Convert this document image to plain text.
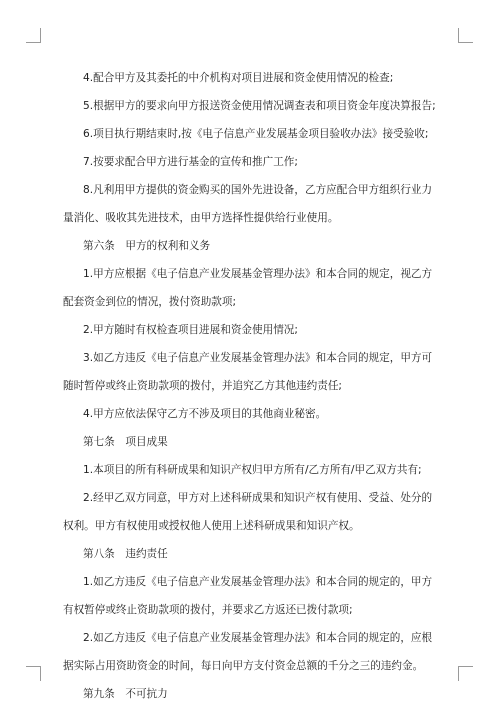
4.配合甲方及其委托的中介机构对项目进展和资金使用情况的检查;

5.根据甲方的要求向甲方报送资金使用情况调查表和项目资金年度决算报告;

6.项目执行期结束时,按《电子信息产业发展基金项目验收办法》接受验收;

7.按要求配合甲方进行基金的宣传和推广工作;

8.凡利用甲方提供的资金购买的国外先进设备，乙方应配合甲方组织行业力量消化、吸收其先进技术，由甲方选择性提供给行业使用。

第六条　甲方的权利和义务

1.甲方应根据《电子信息产业发展基金管理办法》和本合同的规定，视乙方配套资金到位的情况，拨付资助款项;

2.甲方随时有权检查项目进展和资金使用情况;

3.如乙方违反《电子信息产业发展基金管理办法》和本合同的规定，甲方可随时暂停或终止资助款项的拨付，并追究乙方其他违约责任;

4.甲方应依法保守乙方不涉及项目的其他商业秘密。

第七条　项目成果

1.本项目的所有科研成果和知识产权归甲方所有/乙方所有/甲乙双方共有;

2.经甲乙双方同意，甲方对上述科研成果和知识产权有使用、受益、处分的权利。甲方有权使用或授权他人使用上述科研成果和知识产权。

第八条　违约责任

1.如乙方违反《电子信息产业发展基金管理办法》和本合同的规定的，甲方有权暂停或终止资助款项的拨付，并要求乙方返还已拨付款项;

2.如乙方违反《电子信息产业发展基金管理办法》和本合同的规定的，应根据实际占用资助资金的时间，每日向甲方支付资金总额的千分之三的违约金。

第九条　不可抗力
